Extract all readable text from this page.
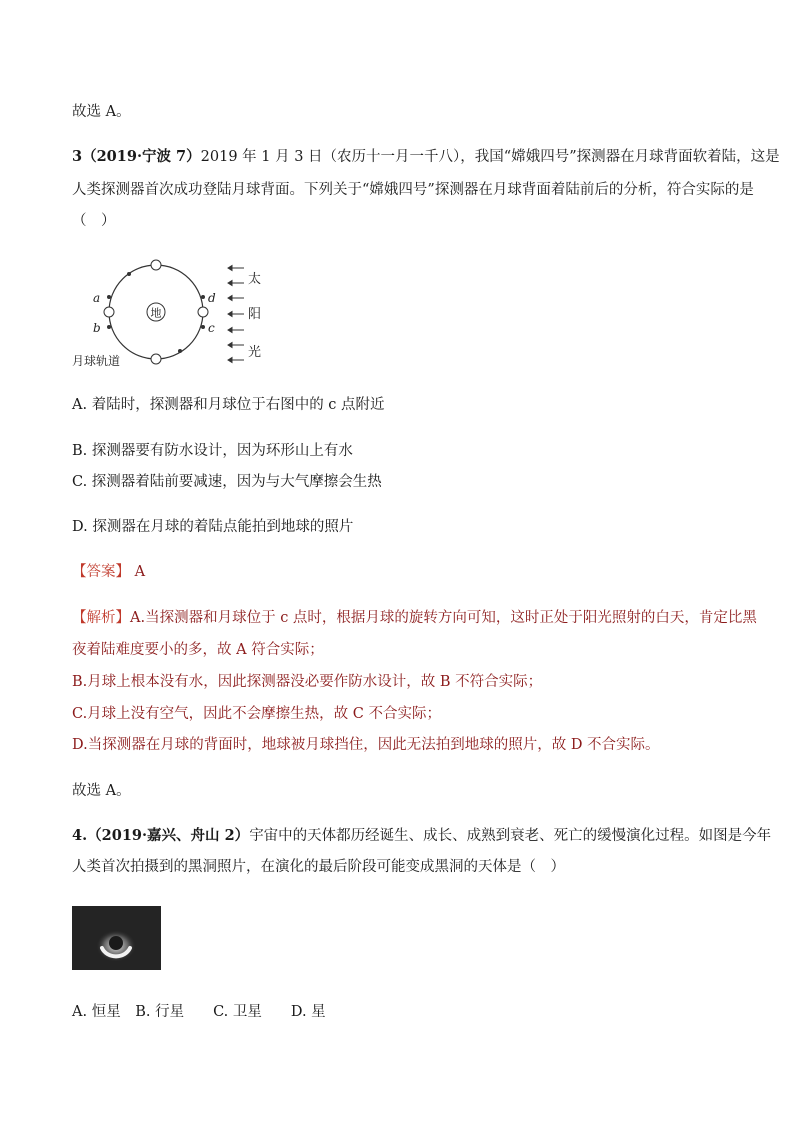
故选 A。
3（2019·宁波 7）2019 年 1 月 3 日（农历十一月一千八），我国“嫦娥四号”探测器在月球背面软着陆，这是
人类探测器首次成功登陆月球背面。下列关于“嫦娥四号”探测器在月球背面着陆前后的分析，符合实际的是
（　）
地
a
b
d
c
月球轨道
太
阳
光
A. 着陆时，探测器和月球位于右图中的 c 点附近
B. 探测器要有防水设计，因为环形山上有水
C. 探测器着陆前要减速，因为与大气摩擦会生热
D. 探测器在月球的着陆点能拍到地球的照片
【答案】 A
【解析】A.当探测器和月球位于 c 点时，根据月球的旋转方向可知，这时正处于阳光照射的白天，肯定比黑
夜着陆难度要小的多，故 A 符合实际；
B.月球上根本没有水，因此探测器没必要作防水设计，故 B 不符合实际；
C.月球上没有空气，因此不会摩擦生热，故 C 不合实际；
D.当探测器在月球的背面时，地球被月球挡住，因此无法拍到地球的照片，故 D 不合实际。
故选 A。
4.（2019·嘉兴、舟山 2）宇宙中的天体都历经诞生、成长、成熟到衰老、死亡的缓慢演化过程。如图是今年
人类首次拍摄到的黑洞照片，在演化的最后阶段可能变成黑洞的天体是（　）
A. 恒星　B. 行星　　C. 卫星　　D. 星
